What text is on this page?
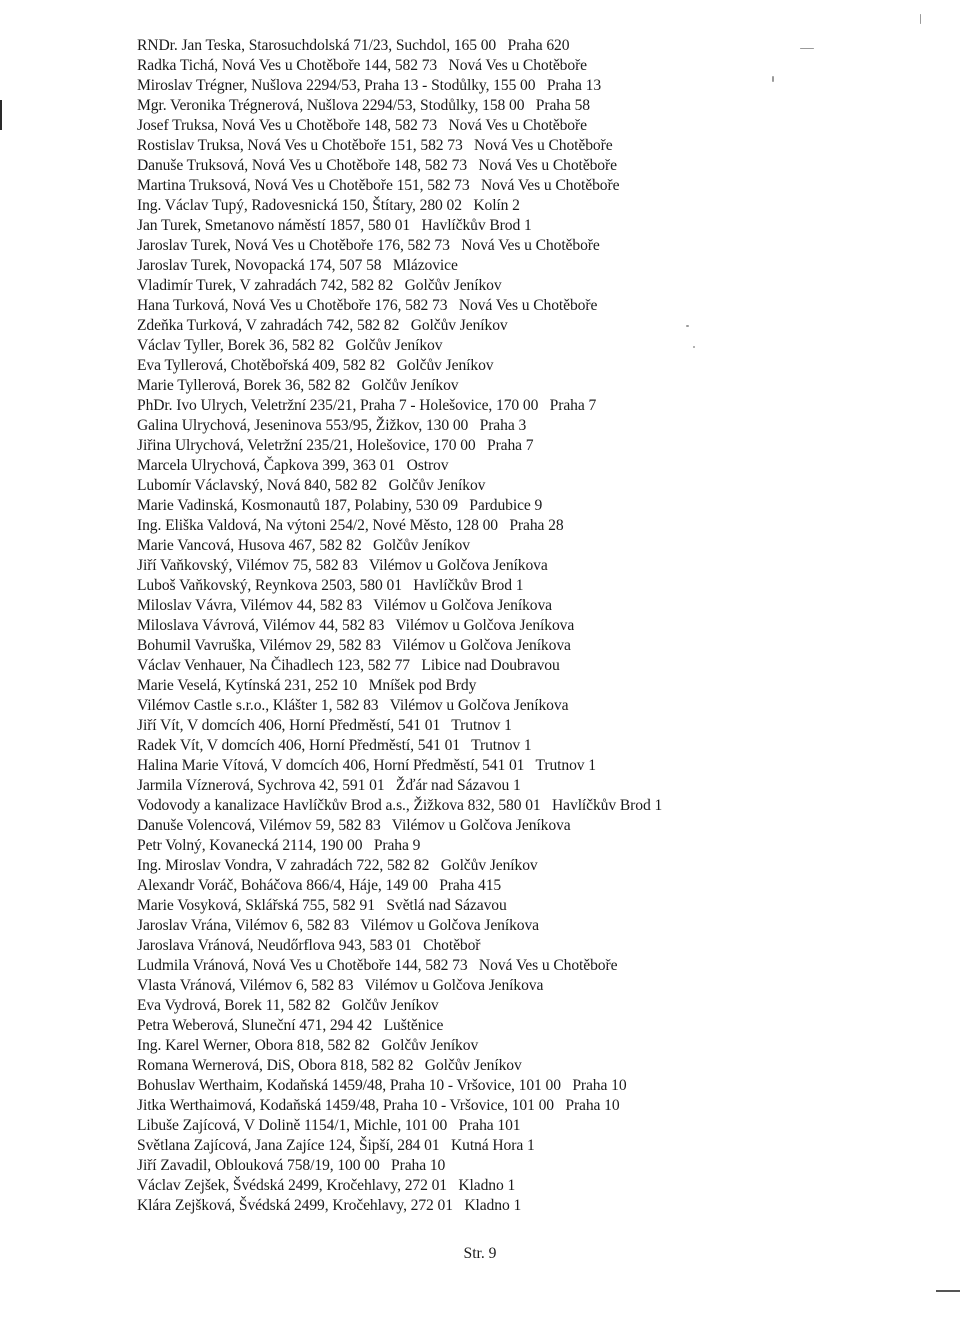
RNDr. Jan Teska, Starosuchdolská 71/23, Suchdol, 165 00   Praha 620
Radka Tichá, Nová Ves u Chotěboře 144, 582 73   Nová Ves u Chotěboře
Miroslav Trégner, Nušlova 2294/53, Praha 13 - Stodůlky, 155 00   Praha 13
Mgr. Veronika Trégnerová, Nušlova 2294/53, Stodůlky, 158 00   Praha 58
Josef Truksa, Nová Ves u Chotěboře 148, 582 73   Nová Ves u Chotěboře
Rostislav Truksa, Nová Ves u Chotěboře 151, 582 73   Nová Ves u Chotěboře
Danuše Truksová, Nová Ves u Chotěboře 148, 582 73   Nová Ves u Chotěboře
Martina Truksová, Nová Ves u Chotěboře 151, 582 73   Nová Ves u Chotěboře
Ing. Václav Tupý, Radovesnická 150, Štítary, 280 02   Kolín 2
Jan Turek, Smetanovo náměstí 1857, 580 01   Havlíčkův Brod 1
Jaroslav Turek, Nová Ves u Chotěboře 176, 582 73   Nová Ves u Chotěboře
Jaroslav Turek, Novopacká 174, 507 58   Mlázovice
Vladimír Turek, V zahradách 742, 582 82   Golčův Jeníkov
Hana Turková, Nová Ves u Chotěboře 176, 582 73   Nová Ves u Chotěboře
Zdeňka Turková, V zahradách 742, 582 82   Golčův Jeníkov
Václav Tyller, Borek 36, 582 82   Golčův Jeníkov
Eva Tyllerová, Chotěbořská 409, 582 82   Golčův Jeníkov
Marie Tyllerová, Borek 36, 582 82   Golčův Jeníkov
PhDr. Ivo Ulrych, Veletržní 235/21, Praha 7 - Holešovice, 170 00   Praha 7
Galina Ulrychová, Jeseninova 553/95, Žižkov, 130 00   Praha 3
Jiřina Ulrychová, Veletržní 235/21, Holešovice, 170 00   Praha 7
Marcela Ulrychová, Čapkova 399, 363 01   Ostrov
Lubomír Václavský, Nová 840, 582 82   Golčův Jeníkov
Marie Vadinská, Kosmonautů 187, Polabiny, 530 09   Pardubice 9
Ing. Eliška Valdová, Na výtoni 254/2, Nové Město, 128 00   Praha 28
Marie Vancová, Husova 467, 582 82   Golčův Jeníkov
Jiří Vaňkovský, Vilémov 75, 582 83   Vilémov u Golčova Jeníkova
Luboš Vaňkovský, Reynkova 2503, 580 01   Havlíčkův Brod 1
Miloslav Vávra, Vilémov 44, 582 83   Vilémov u Golčova Jeníkova
Miloslava Vávrová, Vilémov 44, 582 83   Vilémov u Golčova Jeníkova
Bohumil Vavruška, Vilémov 29, 582 83   Vilémov u Golčova Jeníkova
Václav Venhauer, Na Čihadlech 123, 582 77   Libice nad Doubravou
Marie Veselá, Kytínská 231, 252 10   Mníšek pod Brdy
Vilémov Castle s.r.o., Klášter 1, 582 83   Vilémov u Golčova Jeníkova
Jiří Vít, V domcích 406, Horní Předměstí, 541 01   Trutnov 1
Radek Vít, V domcích 406, Horní Předměstí, 541 01   Trutnov 1
Halina Marie Vítová, V domcích 406, Horní Předměstí, 541 01   Trutnov 1
Jarmila Víznerová, Sychrova 42, 591 01   Žďár nad Sázavou 1
Vodovody a kanalizace Havlíčkův Brod a.s., Žižkova 832, 580 01   Havlíčkův Brod 1
Danuše Volencová, Vilémov 59, 582 83   Vilémov u Golčova Jeníkova
Petr Volný, Kovanecká 2114, 190 00   Praha 9
Ing. Miroslav Vondra, V zahradách 722, 582 82   Golčův Jeníkov
Alexandr Voráč, Boháčova 866/4, Háje, 149 00   Praha 415
Marie Vosyková, Sklářská 755, 582 91   Světlá nad Sázavou
Jaroslav Vrána, Vilémov 6, 582 83   Vilémov u Golčova Jeníkova
Jaroslava Vránová, Neudőrflova 943, 583 01   Chotěboř
Ludmila Vránová, Nová Ves u Chotěboře 144, 582 73   Nová Ves u Chotěboře
Vlasta Vránová, Vilémov 6, 582 83   Vilémov u Golčova Jeníkova
Eva Vydrová, Borek 11, 582 82   Golčův Jeníkov
Petra Weberová, Sluneční 471, 294 42   Luštěnice
Ing. Karel Werner, Obora 818, 582 82   Golčův Jeníkov
Romana Wernerová, DiS, Obora 818, 582 82   Golčův Jeníkov
Bohuslav Werthaim, Kodaňská 1459/48, Praha 10 - Vršovice, 101 00   Praha 10
Jitka Werthaimová, Kodaňská 1459/48, Praha 10 - Vršovice, 101 00   Praha 10
Libuše Zajícová, V Dolině 1154/1, Michle, 101 00   Praha 101
Světlana Zajícová, Jana Zajíce 124, Šipší, 284 01   Kutná Hora 1
Jiří Zavadil, Oblouková 758/19, 100 00   Praha 10
Václav Zejšek, Švédská 2499, Kročehlavy, 272 01   Kladno 1
Klára Zejšková, Švédská 2499, Kročehlavy, 272 01   Kladno 1
Str. 9
